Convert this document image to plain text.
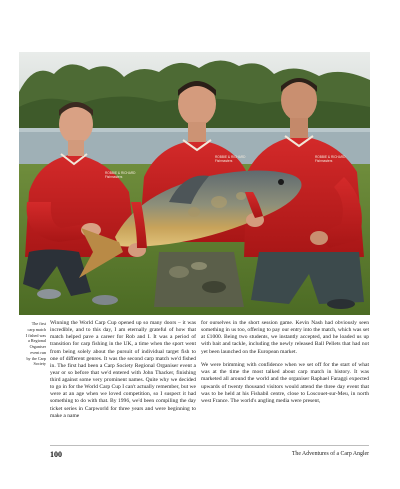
ROBBIE & RICHARD Fishmasters
ROBBIE & RICHARD Fishmasters
ROBBIE & RICHARD Fishmasters
The first
carp match
I fished was
a Regional
Organiser
event run
by the Carp
Society

Winning the World Carp Cup opened up so many doors – it was incredible, and to this day, I am eternally grateful of how that match helped pave a career for Rob and I. It was a period of transition for carp fishing in the UK, a time when the sport went from being solely about the pursuit of individual target fish to one of different genres. It was the second carp match we'd fished in. The first had been a Carp Society Regional Organiser event a year or so before that we'd entered with John Thacker, finishing third against some very prominent names. Quite why we decided to go in for the World Carp Cup I can't actually remember, but we were at an age when we loved competition, so I suspect it had something to do with that. By 1996, we'd been compiling the day ticket series in Carpworld for three years and were beginning to make a name

for ourselves in the short session game. Kevin Nash had obviously seen something in us too, offering to pay our entry into the match, which was set at £1000. Being two students, we instantly accepted, and he loaded us up with bait and tackle, including the newly released Ball Pellets that had not yet been launched on the European market.

We were brimming with confidence when we set off for the start of what was at the time the most talked about carp match in history. It was marketed all around the world and the organiser Raphael Faraggi expected upwards of twenty thousand visitors would attend the three day event that was to be held at his Fishabil centre, close to Loscouet-sur-Meu, in north west France. The world's angling media were present,

100	The Adventures of a Carp Angler
